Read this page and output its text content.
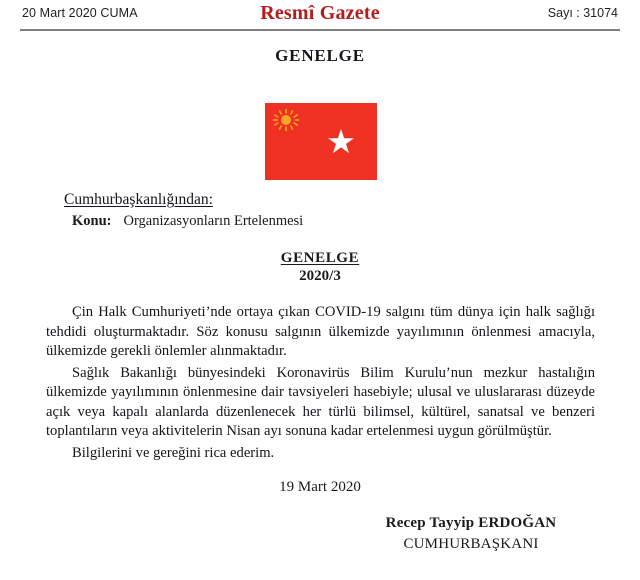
20 Mart 2020 CUMA	Resmî Gazete	Sayı : 31074
GENELGE
Cumhurbaşkanlığından:
Konu: Organizasyonların Ertelenmesi
GENELGE
2020/3

Çin Halk Cumhuriyeti’nde ortaya çıkan COVID-19 salgını tüm dünya için halk sağlığı tehdidi oluşturmaktadır. Söz konusu salgının ülkemizde yayılımının önlenmesi amacıyla, ülkemizde gerekli önlemler alınmaktadır.

Sağlık Bakanlığı bünyesindeki Koronavirüs Bilim Kurulu’nun mezkur hastalığın ülkemizde yayılımının önlenmesine dair tavsiyeleri hasebiyle; ulusal ve uluslararası düzeyde açık veya kapalı alanlarda düzenlenecek her türlü bilimsel, kültürel, sanatsal ve benzeri toplantıların veya aktivitelerin Nisan ayı sonuna kadar ertelenmesi uygun görülmüştür.

Bilgilerini ve gereğini rica ederim.

19 Mart 2020
Recep Tayyip ERDOĞAN
CUMHURBAŞKANI
